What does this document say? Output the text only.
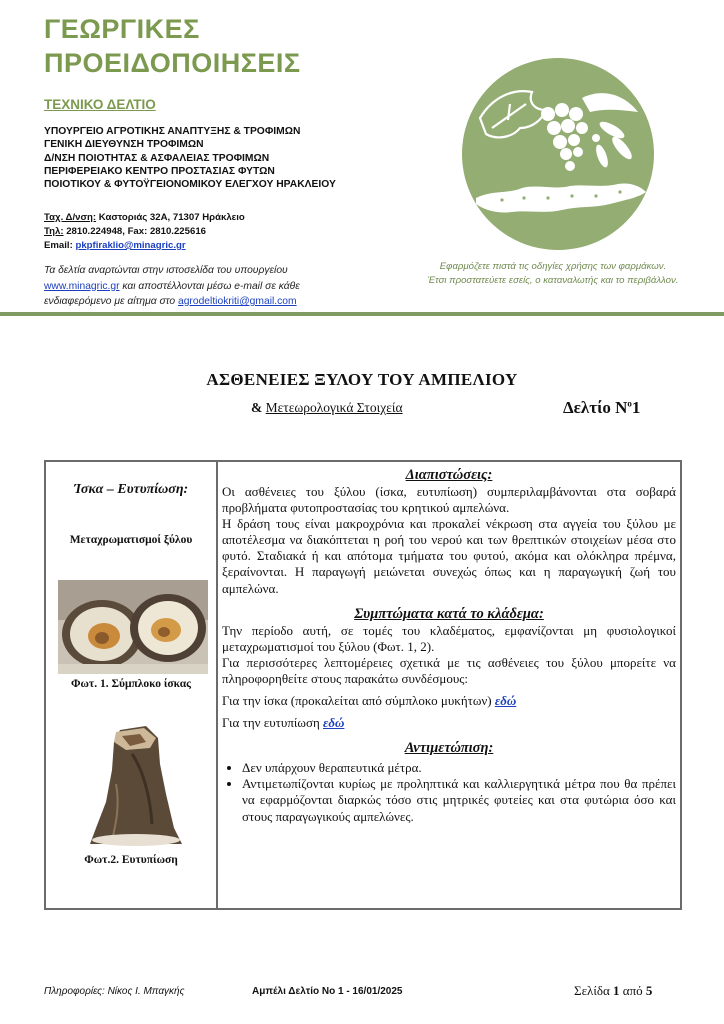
ΓΕΩΡΓΙΚΕΣ
ΠΡΟΕΙΔΟΠΟΙΗΣΕΙΣ
ΤΕΧΝΙΚΟ ΔΕΛΤΙΟ
ΥΠΟΥΡΓΕΙΟ ΑΓΡΟΤΙΚΗΣ ΑΝΑΠΤΥΞΗΣ & ΤΡΟΦΙΜΩΝ
ΓΕΝΙΚΗ ΔΙΕΥΘΥΝΣΗ ΤΡΟΦΙΜΩΝ
Δ/ΝΣΗ ΠΟΙΟΤΗΤΑΣ & ΑΣΦΑΛΕΙΑΣ ΤΡΟΦΙΜΩΝ
ΠΕΡΙΦΕΡΕΙΑΚΟ ΚΕΝΤΡΟ ΠΡΟΣΤΑΣΙΑΣ ΦΥΤΩΝ
ΠΟΙΟΤΙΚΟΥ & ΦΥΤΟΫΓΕΙΟΝΟΜΙΚΟΥ ΕΛΕΓΧΟΥ ΗΡΑΚΛΕΙΟΥ
Ταχ. Δ/νση: Καστοριάς 32Α, 71307 Ηράκλειο
Τηλ: 2810.224948, Fax: 2810.225616
Email: pkpfiraklio@minagric.gr
Τα δελτία αναρτώνται στην ιστοσελίδα του υπουργείου
www.minagric.gr και αποστέλλονται μέσω e-mail σε κάθε
ενδιαφερόμενο με αίτημα στο agrodeltiokriti@gmail.com
Εφαρμόζετε πιστά τις οδηγίες χρήσης των φαρμάκων.
Έτσι προστατεύετε εσείς, ο καταναλωτής και το περιβάλλον.
ΑΣΘΕΝΕΙΕΣ ΞΥΛΟΥ ΤΟΥ ΑΜΠΕΛΙΟΥ
& Μετεωρολογικά Στοιχεία	Δελτίο $N^o1$
Ίσκα – Ευτυπίωση:
Μεταχρωματισμοί ξύλου
Φωτ. 1. Σύμπλοκο ίσκας
Φωτ.2. Ευτυπίωση

Διαπιστώσεις:

Οι ασθένειες του ξύλου (ίσκα, ευτυπίωση) συμπεριλαμβάνονται στα σοβαρά προβλήματα φυτοπροστασίας του κρητικού αμπελώνα.

Η δράση τους είναι μακροχρόνια και προκαλεί νέκρωση στα αγγεία του ξύλου με αποτέλεσμα να διακόπτεται η ροή του νερού και των θρεπτικών στοιχείων μέσα στο φυτό. Σταδιακά ή και απότομα τμήματα του φυτού, ακόμα και ολόκληρα πρέμνα, ξεραίνονται. Η παραγωγή μειώνεται συνεχώς όπως και η παραγωγική ζωή του αμπελώνα.

Συμπτώματα κατά το κλάδεμα:

Την περίοδο αυτή, σε τομές του κλαδέματος, εμφανίζονται μη φυσιολογικοί μεταχρωματισμοί του ξύλου (Φωτ. 1, 2).

Για περισσότερες λεπτομέρειες σχετικά με τις ασθένειες του ξύλου μπορείτε να πληροφορηθείτε στους παρακάτω συνδέσμους:

Για την ίσκα (προκαλείται από σύμπλοκο μυκήτων) εδώ

Για την ευτυπίωση εδώ

Αντιμετώπιση:

• Δεν υπάρχουν θεραπευτικά μέτρα.
• Αντιμετωπίζονται κυρίως με προληπτικά και καλλιεργητικά μέτρα που θα πρέπει να εφαρμόζονται διαρκώς τόσο στις μητρικές φυτείες και στα φυτώρια όσο και στους παραγωγικούς αμπελώνες.
Πληροφορίες: Νίκος Ι. Μπαγκής	Αμπέλι Δελτίο Νο 1 - 16/01/2025	Σελίδα 1 από 5
